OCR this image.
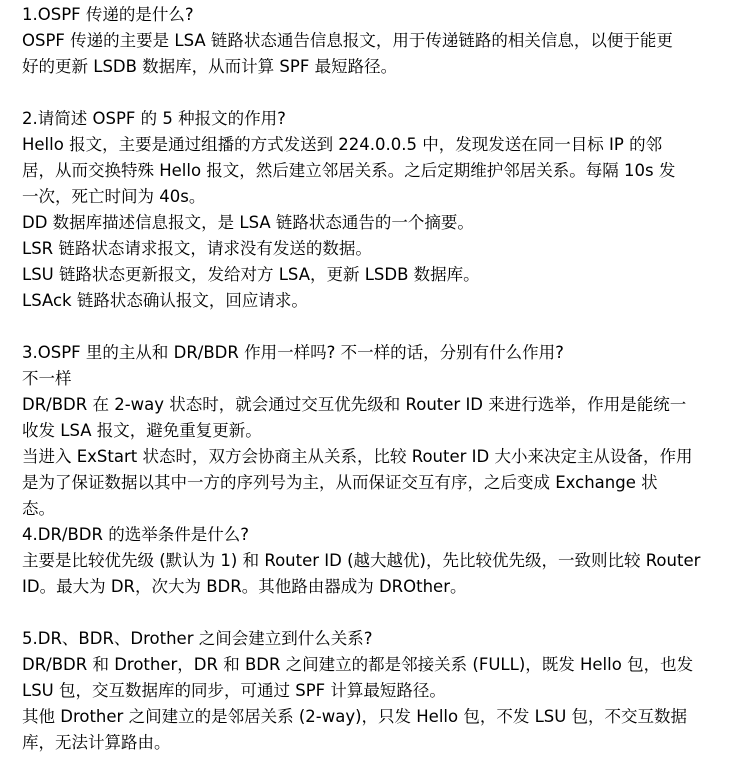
1.OSPF 传递的是什么?
OSPF 传递的主要是 LSA 链路状态通告信息报文，用于传递链路的相关信息，以便于能更
好的更新 LSDB 数据库，从而计算 SPF 最短路径。
2.请简述 OSPF 的 5 种报文的作用?
Hello 报文，主要是通过组播的方式发送到 224.0.0.5 中，发现发送在同一目标 IP 的邻
居，从而交换特殊 Hello 报文，然后建立邻居关系。之后定期维护邻居关系。每隔 10s 发
一次，死亡时间为 40s。
DD 数据库描述信息报文，是 LSA 链路状态通告的一个摘要。
LSR 链路状态请求报文，请求没有发送的数据。
LSU 链路状态更新报文，发给对方 LSA，更新 LSDB 数据库。
LSAck 链路状态确认报文，回应请求。
3.OSPF 里的主从和 DR/BDR 作用一样吗? 不一样的话，分别有什么作用?
不一样
DR/BDR 在 2-way 状态时，就会通过交互优先级和 Router ID 来进行选举，作用是能统一
收发 LSA 报文，避免重复更新。
当进入 ExStart 状态时，双方会协商主从关系，比较 Router ID 大小来决定主从设备，作用
是为了保证数据以其中一方的序列号为主，从而保证交互有序，之后变成 Exchange 状
态。
4.DR/BDR 的选举条件是什么?
主要是比较优先级 (默认为 1) 和 Router ID (越大越优)，先比较优先级，一致则比较 Router
ID。最大为 DR，次大为 BDR。其他路由器成为 DROther。
5.DR、BDR、Drother 之间会建立到什么关系?
DR/BDR 和 Drother，DR 和 BDR 之间建立的都是邻接关系 (FULL)，既发 Hello 包，也发
LSU 包，交互数据库的同步，可通过 SPF 计算最短路径。
其他 Drother 之间建立的是邻居关系 (2-way)，只发 Hello 包，不发 LSU 包，不交互数据
库，无法计算路由。
